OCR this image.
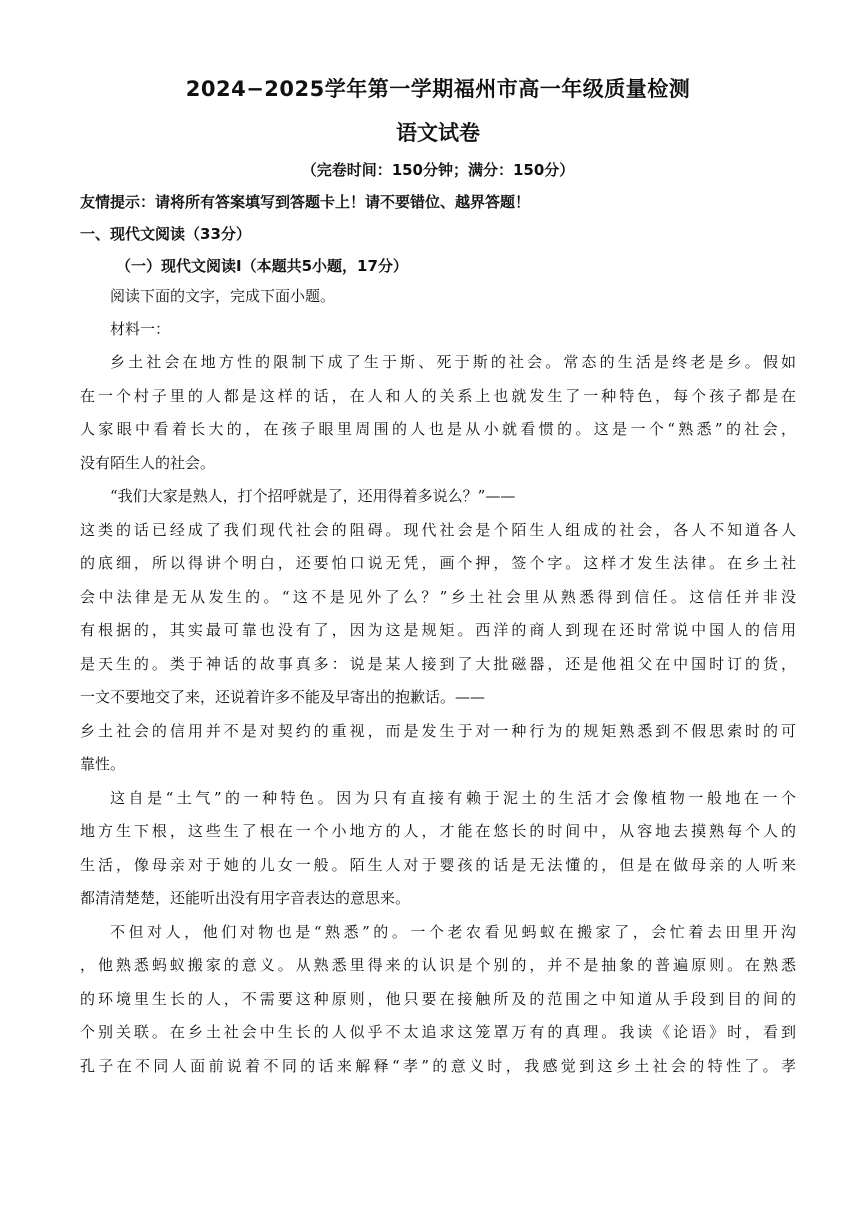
2024−2025学年第一学期福州市高一年级质量检测
语文试卷

（完卷时间：150分钟；满分：150分）

友情提示：请将所有答案填写到答题卡上！请不要错位、越界答题！

一、现代文阅读（33分）

（一）现代文阅读I（本题共5小题，17分）

阅读下面的文字，完成下面小题。

材料一：

乡土社会在地方性的限制下成了生于斯、死于斯的社会。常态的生活是终老是乡。假如

在一个村子里的人都是这样的话，在人和人的关系上也就发生了一种特色，每个孩子都是在

人家眼中看着长大的，在孩子眼里周围的人也是从小就看惯的。这是一个“熟悉”的社会，

没有陌生人的社会。

“我们大家是熟人，打个招呼就是了，还用得着多说么？”——

这类的话已经成了我们现代社会的阻碍。现代社会是个陌生人组成的社会，各人不知道各人

的底细，所以得讲个明白，还要怕口说无凭，画个押，签个字。这样才发生法律。在乡土社

会中法律是无从发生的。“这不是见外了么？”乡土社会里从熟悉得到信任。这信任并非没

有根据的，其实最可靠也没有了，因为这是规矩。西洋的商人到现在还时常说中国人的信用

是天生的。类于神话的故事真多：说是某人接到了大批磁器，还是他祖父在中国时订的货，

一文不要地交了来，还说着许多不能及早寄出的抱歉话。——

乡土社会的信用并不是对契约的重视，而是发生于对一种行为的规矩熟悉到不假思索时的可

靠性。

这自是“土气”的一种特色。因为只有直接有赖于泥土的生活才会像植物一般地在一个

地方生下根，这些生了根在一个小地方的人，才能在悠长的时间中，从容地去摸熟每个人的

生活，像母亲对于她的儿女一般。陌生人对于婴孩的话是无法懂的，但是在做母亲的人听来

都清清楚楚，还能听出没有用字音表达的意思来。

不但对人，他们对物也是“熟悉”的。一个老农看见蚂蚁在搬家了，会忙着去田里开沟

，他熟悉蚂蚁搬家的意义。从熟悉里得来的认识是个别的，并不是抽象的普遍原则。在熟悉

的环境里生长的人，不需要这种原则，他只要在接触所及的范围之中知道从手段到目的间的

个别关联。在乡土社会中生长的人似乎不太追求这笼罩万有的真理。我读《论语》时，看到

孔子在不同人面前说着不同的话来解释“孝”的意义时，我感觉到这乡土社会的特性了。孝
